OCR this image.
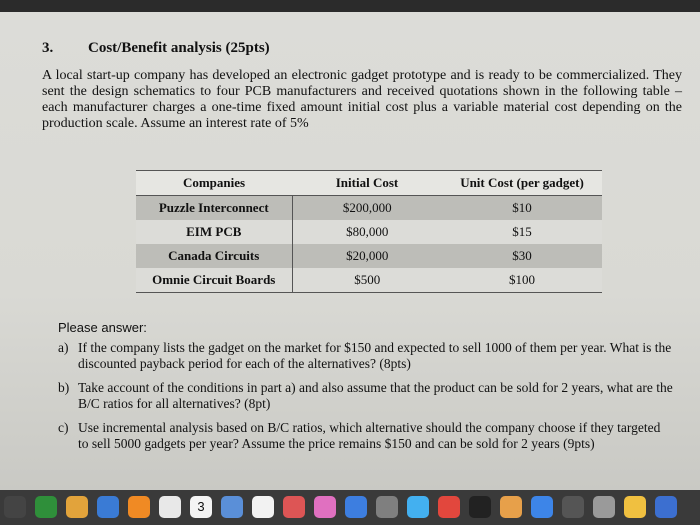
3. Cost/Benefit analysis (25pts)
A local start-up company has developed an electronic gadget prototype and is ready to be commercialized. They sent the design schematics to four PCB manufacturers and received quotations shown in the following table – each manufacturer charges a one-time fixed amount initial cost plus a variable material cost depending on the production scale. Assume an interest rate of 5%
Companies	Initial Cost	Unit Cost (per gadget)
Puzzle Interconnect	$200,000	$10
EIM PCB	$80,000	$15
Canada Circuits	$20,000	$30
Omnie Circuit Boards	$500	$100
Please answer:
a) If the company lists the gadget on the market for $150 and expected to sell 1000 of them per year. What is the discounted payback period for each of the alternatives? (8pts)
b) Take account of the conditions in part a) and also assume that the product can be sold for 2 years, what are the B/C ratios for all alternatives? (8pt)
c) Use incremental analysis based on B/C ratios, which alternative should the company choose if they targeted to sell 5000 gadgets per year? Assume the price remains $150 and can be sold for 2 years (9pts)
3
